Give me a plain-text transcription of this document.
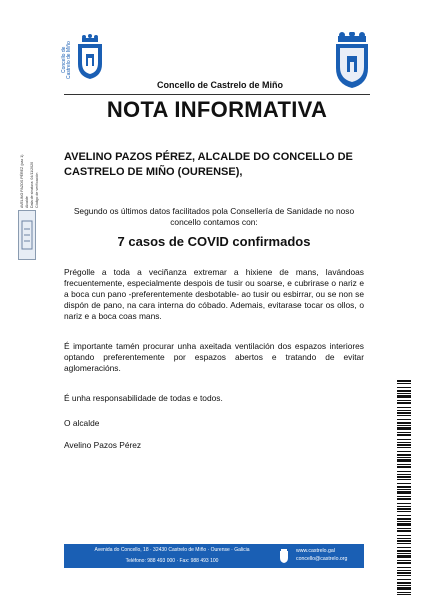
Concello de Castrelo de Miño
AVELINO PAZOS PÉREZ (pax 1) Alcalde Data de sinatura: 04/11/2020 Código de verificación
Concello de Castrelo de Miño
NOTA INFORMATIVA
AVELINO PAZOS PÉREZ, ALCALDE DO CONCELLO DE CASTRELO DE MIÑO (OURENSE),

Segundo os últimos datos facilitados pola Consellería de Sanidade no noso concello contamos con:

7 casos de COVID confirmados

Prégolle a toda a veciñanza extremar a hixiene de mans, lavándoas frecuentemente, especialmente despois de tusir ou soarse, e cubrirase o nariz e a boca cun pano -preferentemente desbotable- ao tusir ou esbirrar, ou se non se dispón de pano, na cara interna do cóbado. Ademais, evitarase tocar os ollos, o nariz e a boca coas mans.

É importante tamén procurar unha axeitada ventilación dos espazos interiores optando preferentemente por espazos abertos e tratando de evitar aglomeracións.

É unha responsabilidade de todas e todos.

O alcalde

Avelino Pazos Pérez

Avenida do Concello, 18 · 32430 Castrelo de Miño · Ourense · Galicia
Teléfono: 988 493 000 · Fax: 988 493 100
www.castrelo.gal
concello@castrelo.org
